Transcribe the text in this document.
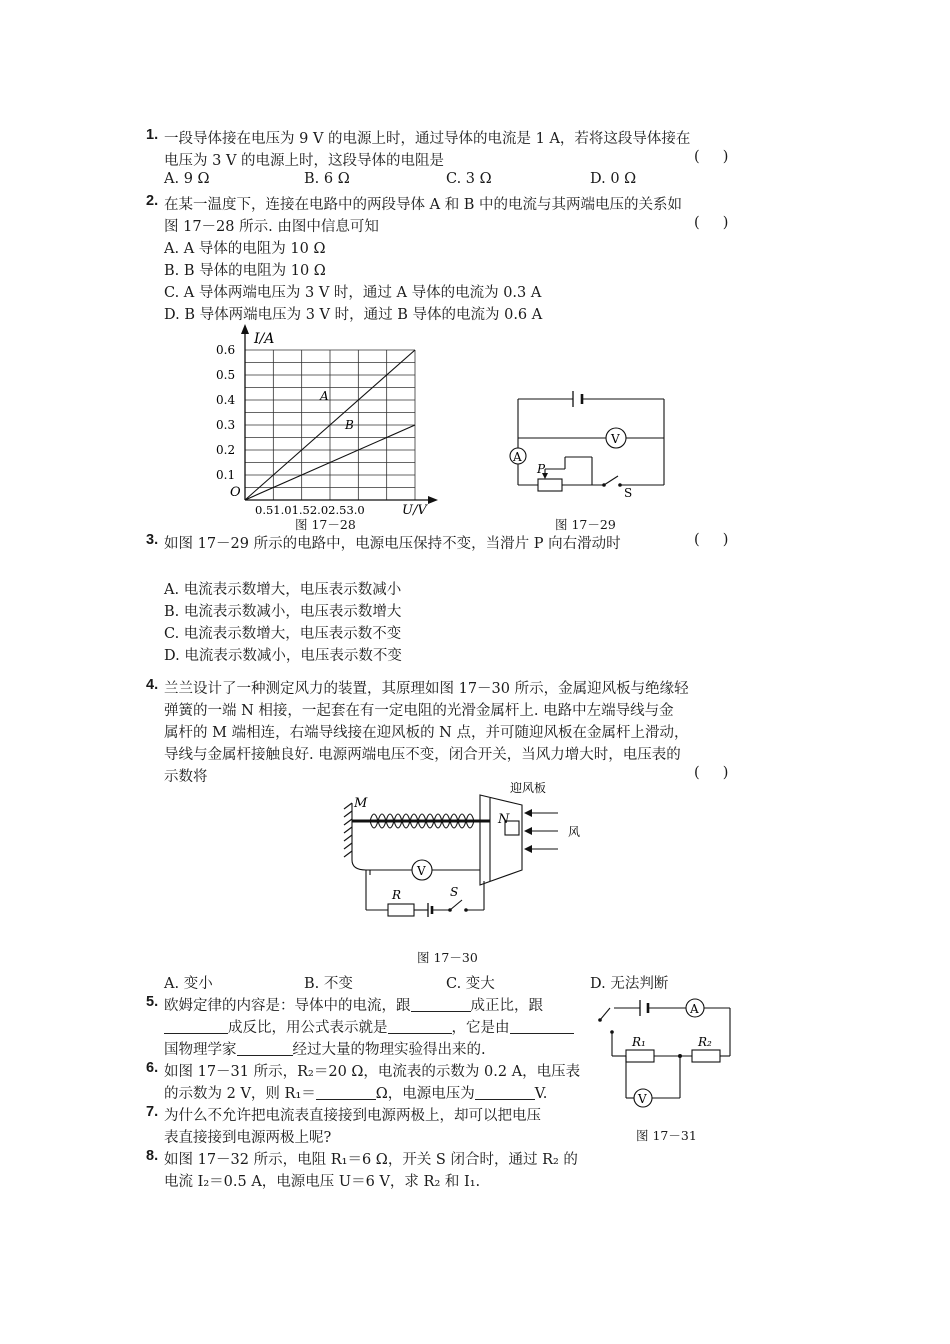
1. 一段导体接在电压为 9 V 的电源上时，通过导体的电流是 1 A，若将这段导体接在
电压为 3 V 的电源上时，这段导体的电阻是	(     )
A. 9 Ω	B. 6 Ω	C. 3 Ω	D. 0 Ω
2. 在某一温度下，连接在电路中的两段导体 A 和 B 中的电流与其两端电压的关系如
图 17－28 所示. 由图中信息可知	(     )
A. A 导体的电阻为 10 Ω
B. B 导体的电阻为 10 Ω
C. A 导体两端电压为 3 V 时，通过 A 导体的电流为 0.3 A
D. B 导体两端电压为 3 V 时，通过 B 导体的电流为 0.6 A
I/A
O
0.1
0.2
0.3
0.4
0.5
0.6
0.51.01.52.02.53.0	U/V
A
B
图 17－28
A
V
P
S
图 17－29
3. 如图 17－29 所示的电路中，电源电压保持不变，当滑片 P 向右滑动时	(     )
A. 电流表示数增大，电压表示数减小
B. 电流表示数减小，电压表示数增大
C. 电流表示数增大，电压表示数不变
D. 电流表示数减小，电压表示数不变
4. 兰兰设计了一种测定风力的装置，其原理如图 17－30 所示，金属迎风板与绝缘轻
弹簧的一端 N 相接，一起套在有一定电阻的光滑金属杆上. 电路中左端导线与金
属杆的 M 端相连，右端导线接在迎风板的 N 点，并可随迎风板在金属杆上滑动，
导线与金属杆接触良好. 电源两端电压不变，闭合开关，当风力增大时，电压表的
示数将	(     )
迎风板
风
M
N
V
R	S
图 17－30
A. 变小	B. 不变	C. 变大	D. 无法判断
5. 欧姆定律的内容是：导体中的电流，跟	成正比，跟
成反比，用公式表示就是	，它是由
国物理学家	经过大量的物理实验得出来的.
6. 如图 17－31 所示，R₂＝20 Ω，电流表的示数为 0.2 A，电压表
的示数为 2 V，则 R₁＝	Ω，电源电压为	V.
7. 为什么不允许把电流表直接接到电源两极上，却可以把电压
表直接接到电源两极上呢?
8. 如图 17－32 所示，电阻 R₁＝6 Ω，开关 S 闭合时，通过 R₂ 的
电流 I₂＝0.5 A，电源电压 U＝6 V，求 R₂ 和 I₁.
A
V
R₁	R₂
图 17－31
